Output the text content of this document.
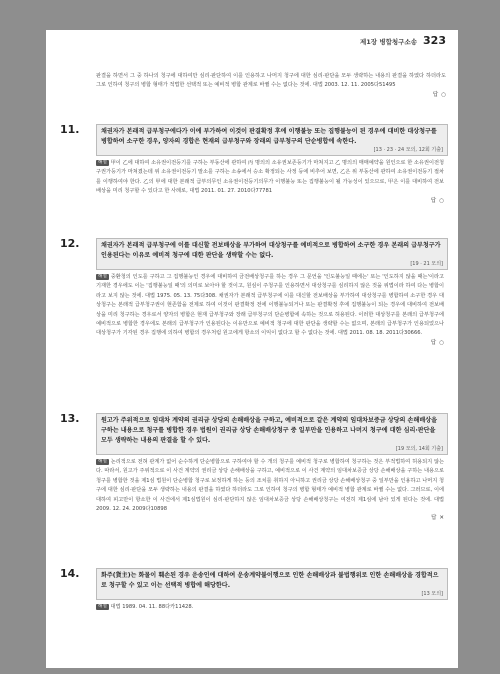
제1장 병합청구소송 323

판결을 하면서 그 중 하나의 청구에 대하여만 심리·판단하여 이를 인용하고 나머지 청구에 대한 심리·판단을 모두 생략하는 내용의 판결을 하였다 하더라도 그로 인하여 청구의 병합 형태가 적법한 선택적 또는 예비적 병합 관계로 바뀔 수는 없다는 것에. 대법 2003. 12. 11. 2005다51495

답 ○
11.	채권자가 본래적 급부청구에다가 이에 부가하여 이것이 판결확정 후에 이행불능 또는 집행불능이 된 경우에 대비한 대상청구를 병합하여 소구한 경우, 양자의 경합은 현재의 급부청구와 장래의 급부청구의 단순병합에 속한다.

[13 · 23 · 24 모의, 12회 기출]

해설 甲이 乙에 대하여 소유권이전등기를 구하는 부동산에 관하여 丙 명의의 소유권보존등기가 마쳐지고 乙 명의의 매매예약을 원인으로 한 소유권이전청구권가등기가 마쳐졌는데 위 소유권이전등기 말소를 구하는 소송에서 승소 확정되는 사정 등에 비추어 보면, 乙은 위 부동산에 관하여 소유권이전등기 절차를 이행하여야 한다. 乙의 甲에 대한 본래적 급부의무인 소유권이전등기의무가 이행불능 또는 집행불능이 될 가능성이 있으므로, 甲은 이를 대비하여 전보배상을 미리 청구할 수 있다고 한 사례로, 대법 2011. 01. 27. 2010다77781

답 ○
12.	채권자가 본래적 급부청구에 이를 대신할 전보배상을 부가하여 대상청구를 예비적으로 병합하여 소구한 경우 본래의 급부청구가 인용된다는 이유로 예비적 청구에 대한 판단을 생략할 수는 없다.

[19 · 21 모의]

해설 중환청의 인도를 구하고 그 집행불능인 경우에 대비하여 금전배상청구를 하는 경우 그 문언을 '인도불능일 때에는' 또는 '인도하지 않을 때는'이라고 기재한 경우에도 이는 '집행불능일 때'의 의미로 보아야 할 것이고, 원심이 주청구를 인용하면서 대상청구를 심리하지 않은 것을 위법이라 하여 다는 병합이라고 보지 않는 것에. 대법 1975. 05. 13. 75다308. 채권자가 본래적 급부청구에 이를 대신할 전보배상을 부가하여 대상청구를 병합하여 소구한 경우 대상청구는 본래적 급부청구권이 현존함을 전제로 하여 이것이 판결확정 전에 이행불능되거나 또는 판결확정 후에 집행불능이 되는 경우에 대비하여 전보배상을 미리 청구하는 경우로서 양자의 병합은 현재 급부청구와 장래 급부청구의 단순병합에 속하는 것으로 허용된다. 이러한 대상청구를 본래의 급부청구에 예비적으로 병합한 경우에도 본래의 급부청구가 인용된다는 이유만으로 예비적 청구에 대한 판단을 생략할 수는 없으며, 본래의 급부청구가 인용되었으나 대상청구가 기각된 경우 집행에 의하여 병합의 경우처럼 원고에게 항소의 이익이 없다고 할 수 없다는 것에. 대법 2011. 08. 18. 2011다30666.

답 ○
13.	원고가 주위적으로 임대차 계약의 권리금 상당의 손해배상을 구하고, 예비적으로 같은 계약의 임대차보증금 상당의 손해배상을 구하는 내용으로 청구를 병합한 경우 법원이 권리금 상당 손해배상청구 중 일부만을 인용하고 나머지 청구에 대한 심리·판단을 모두 생략하는 내용의 판결을 할 수 있다.

[19 모의, 14회 기출]

해설 논리적으로 전혀 관계가 없어 순수하게 단순병합으로 구하여야 할 수 개의 청구를 예비적 청구로 병합하여 청구하는 것은 부적법하여 허용되지 않는다. 따라서, 원고가 주위적으로 이 사건 계약의 권리금 상당 손해배상을 구하고, 예비적으로 이 사건 계약의 임대차보증금 상당 손해배상을 구하는 내용으로 청구를 병합한 것을 제1심 법원이 단순병합 청구로 보정하게 하는 등의 조치를 취하지 아니하고 권리금 상당 손해배상청구 중 일부만을 인용하고 나머지 청구에 대한 심리·판단을 모두 생략하는 내용의 판결을 하였다 하더라도 그로 인하여 청구의 병합 형태가 예비적 병합 관계로 바뀔 수는 없다. 그러므로, 이에 대하여 피고만이 항소한 이 사건에서 제1심법원이 심리·판단하지 않은 임대차보증금 상당 손해배상청구는 여전히 제1심에 남아 있게 된다는 것에. 대법 2009. 12. 24. 2009다10898

답 ✕
14.	화주(貨主)는 화물이 훼손된 경우 운송인에 대하여 운송계약불이행으로 인한 손해배상과 불법행위로 인한 손해배상을 경합적으로 청구할 수 있고 이는 선택적 병합에 해당한다.

[13 모의]

해설 대법 1989. 04. 11. 88다카11428.
